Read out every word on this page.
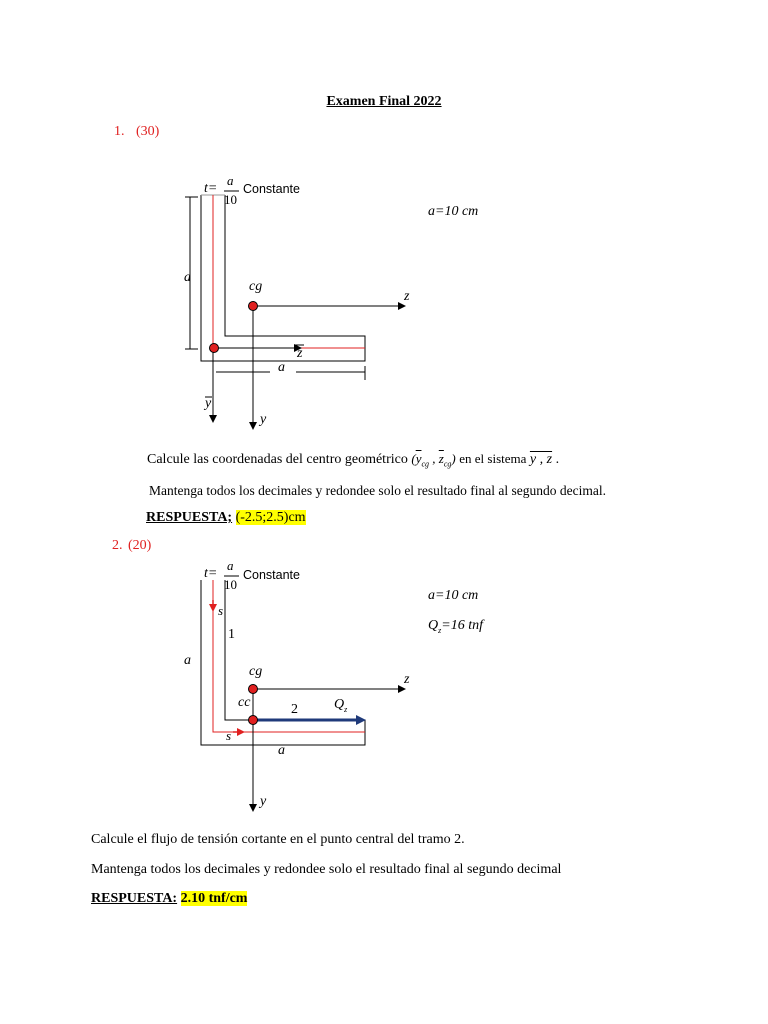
Examen Final 2022
1. (30)
t=
a
10
Constante
a
cg
z
z
a
y
y
a=10 cm
Calcule las coordenadas del centro geométrico ($\overline{y}_{cg}$ , $\overline{z}_{cg}$) en el sistema y , z .
Mantenga todos los decimales y redondee solo el resultado final al segundo decimal.
RESPUESTA; (-2.5;2.5)cm
2. (20)
t=
a
10
Constante
s
1
a
cg
z
cc	2	$Q_z$
s
a
y
a=10 cm
$Q_z=16$ tnf
Calcule el flujo de tensión cortante en el punto central del tramo 2.
Mantenga todos los decimales y redondee solo el resultado final al segundo decimal
RESPUESTA: 2.10 tnf/cm
